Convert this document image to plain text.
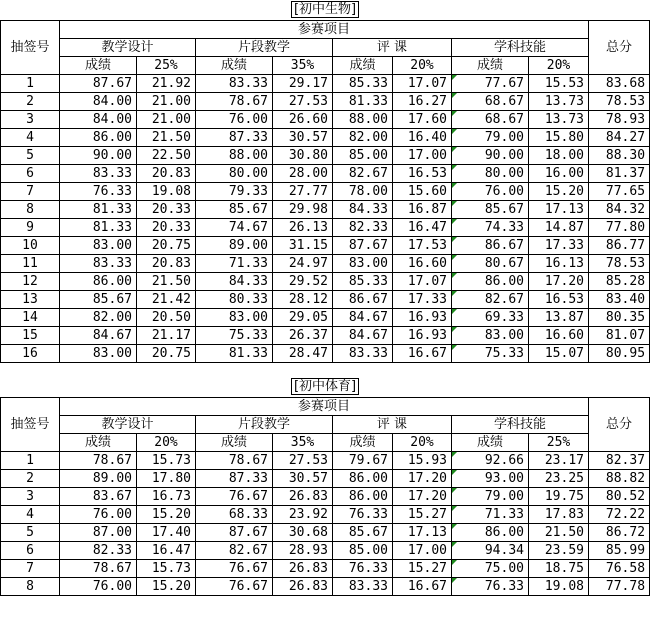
[初中生物]									
抽签号	参赛项目								总分
	教学设计		片段教学		评 课		学科技能		
	成绩	25%	成绩	35%	成绩	20%	成绩	20%	
1	87.67	21.92	83.33	29.17	85.33	17.07	77.67	15.53	83.68
2	84.00	21.00	78.67	27.53	81.33	16.27	68.67	13.73	78.53
3	84.00	21.00	76.00	26.60	88.00	17.60	68.67	13.73	78.93
4	86.00	21.50	87.33	30.57	82.00	16.40	79.00	15.80	84.27
5	90.00	22.50	88.00	30.80	85.00	17.00	90.00	18.00	88.30
6	83.33	20.83	80.00	28.00	82.67	16.53	80.00	16.00	81.37
7	76.33	19.08	79.33	27.77	78.00	15.60	76.00	15.20	77.65
8	81.33	20.33	85.67	29.98	84.33	16.87	85.67	17.13	84.32
9	81.33	20.33	74.67	26.13	82.33	16.47	74.33	14.87	77.80
10	83.00	20.75	89.00	31.15	87.67	17.53	86.67	17.33	86.77
11	83.33	20.83	71.33	24.97	83.00	16.60	80.67	16.13	78.53
12	86.00	21.50	84.33	29.52	85.33	17.07	86.00	17.20	85.28
13	85.67	21.42	80.33	28.12	86.67	17.33	82.67	16.53	83.40
14	82.00	20.50	83.00	29.05	84.67	16.93	69.33	13.87	80.35
15	84.67	21.17	75.33	26.37	84.67	16.93	83.00	16.60	81.07
16	83.00	20.75	81.33	28.47	83.33	16.67	75.33	15.07	80.95

[初中体育]									
抽签号	参赛项目								总分
	教学设计		片段教学		评 课		学科技能		
	成绩	20%	成绩	35%	成绩	20%	成绩	25%	
1	78.67	15.73	78.67	27.53	79.67	15.93	92.66	23.17	82.37
2	89.00	17.80	87.33	30.57	86.00	17.20	93.00	23.25	88.82
3	83.67	16.73	76.67	26.83	86.00	17.20	79.00	19.75	80.52
4	76.00	15.20	68.33	23.92	76.33	15.27	71.33	17.83	72.22
5	87.00	17.40	87.67	30.68	85.67	17.13	86.00	21.50	86.72
6	82.33	16.47	82.67	28.93	85.00	17.00	94.34	23.59	85.99
7	78.67	15.73	76.67	26.83	76.33	15.27	75.00	18.75	76.58
8	76.00	15.20	76.67	26.83	83.33	16.67	76.33	19.08	77.78
